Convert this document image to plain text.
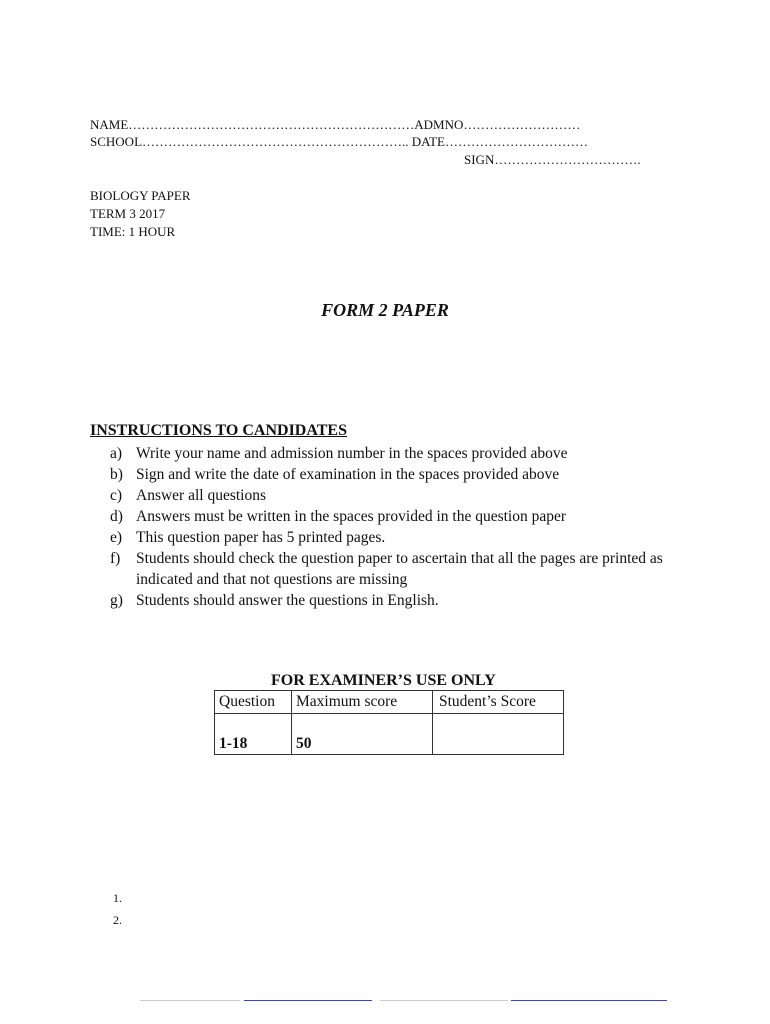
NAME…………………………………………………………ADMNO………………………
SCHOOL…………………………………………………….. DATE……………………………
SIGN…………………………….
BIOLOGY PAPER
TERM 3 2017
TIME: 1 HOUR
FORM 2 PAPER
INSTRUCTIONS TO CANDIDATES
a) Write your name and admission number in the spaces provided above
b) Sign and write the date of examination in the spaces provided above
c) Answer all questions
d) Answers must be written in the spaces provided in the question paper
e) This question paper has 5 printed pages.
f)	Students should check the question paper to ascertain that all the pages are printed as indicated and that not questions are missing
g) Students should answer the questions in English.
FOR EXAMINER’S USE ONLY
Question	Maximum score	Student’s Score
1-18	50	
1.
2.
